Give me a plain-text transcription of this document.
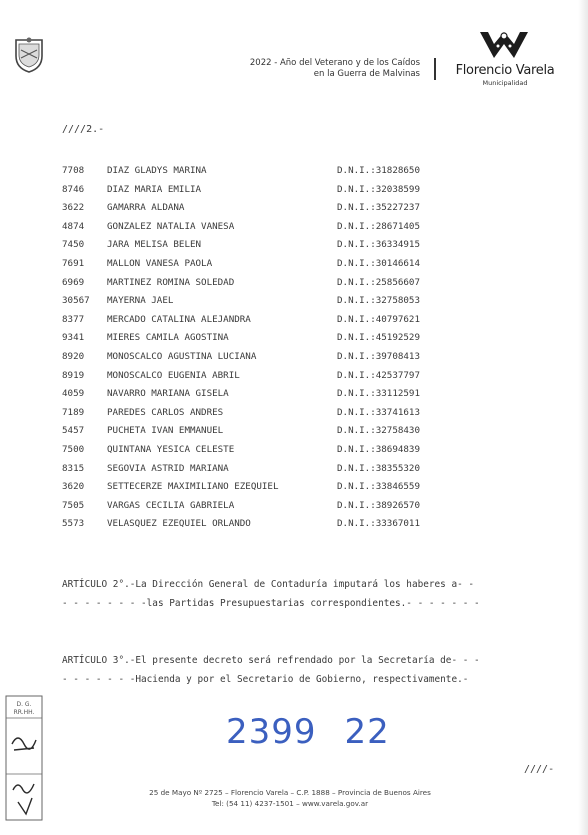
2022 - Año del Veterano y de los Caídos
en la Guerra de Malvinas	Florencio Varela
Municipalidad
////2.-
7708 DIAZ GLADYS MARINA	D.N.I.:31828650
8746 DIAZ MARIA EMILIA	D.N.I.:32038599
3622 GAMARRA ALDANA	D.N.I.:35227237
4874 GONZALEZ NATALIA VANESA	D.N.I.:28671405
7450 JARA MELISA BELEN	D.N.I.:36334915
7691 MALLON VANESA PAOLA	D.N.I.:30146614
6969 MARTINEZ ROMINA SOLEDAD	D.N.I.:25856607
30567 MAYERNA JAEL	D.N.I.:32758053
8377 MERCADO CATALINA ALEJANDRA	D.N.I.:40797621
9341 MIERES CAMILA AGOSTINA	D.N.I.:45192529
8920 MONOSCALCO AGUSTINA LUCIANA	D.N.I.:39708413
8919 MONOSCALCO EUGENIA ABRIL	D.N.I.:42537797
4059 NAVARRO MARIANA GISELA	D.N.I.:33112591
7189 PAREDES CARLOS ANDRES	D.N.I.:33741613
5457 PUCHETA IVAN EMMANUEL	D.N.I.:32758430
7500 QUINTANA YESICA CELESTE	D.N.I.:38694839
8315 SEGOVIA ASTRID MARIANA	D.N.I.:38355320
3620 SETTECERZE MAXIMILIANO EZEQUIEL	D.N.I.:33846559
7505 VARGAS CECILIA GABRIELA	D.N.I.:38926570
5573 VELASQUEZ EZEQUIEL ORLANDO	D.N.I.:33367011
ARTÍCULO 2°.-La Dirección General de Contaduría imputará los haberes a- -
- - - - - - - -las Partidas Presupuestarias correspondientes.- - - - - - -
ARTÍCULO 3°.-El presente decreto será refrendado por la Secretaría de- - -
- - - - - - -Hacienda y por el Secretario de Gobierno, respectivamente.-
2399 22
////-
25 de Mayo Nº 2725 – Florencio Varela – C.P. 1888 – Provincia de Buenos Aires
Tel: (54 11) 4237-1501 – www.varela.gov.ar
D. G.
RR.HH.
